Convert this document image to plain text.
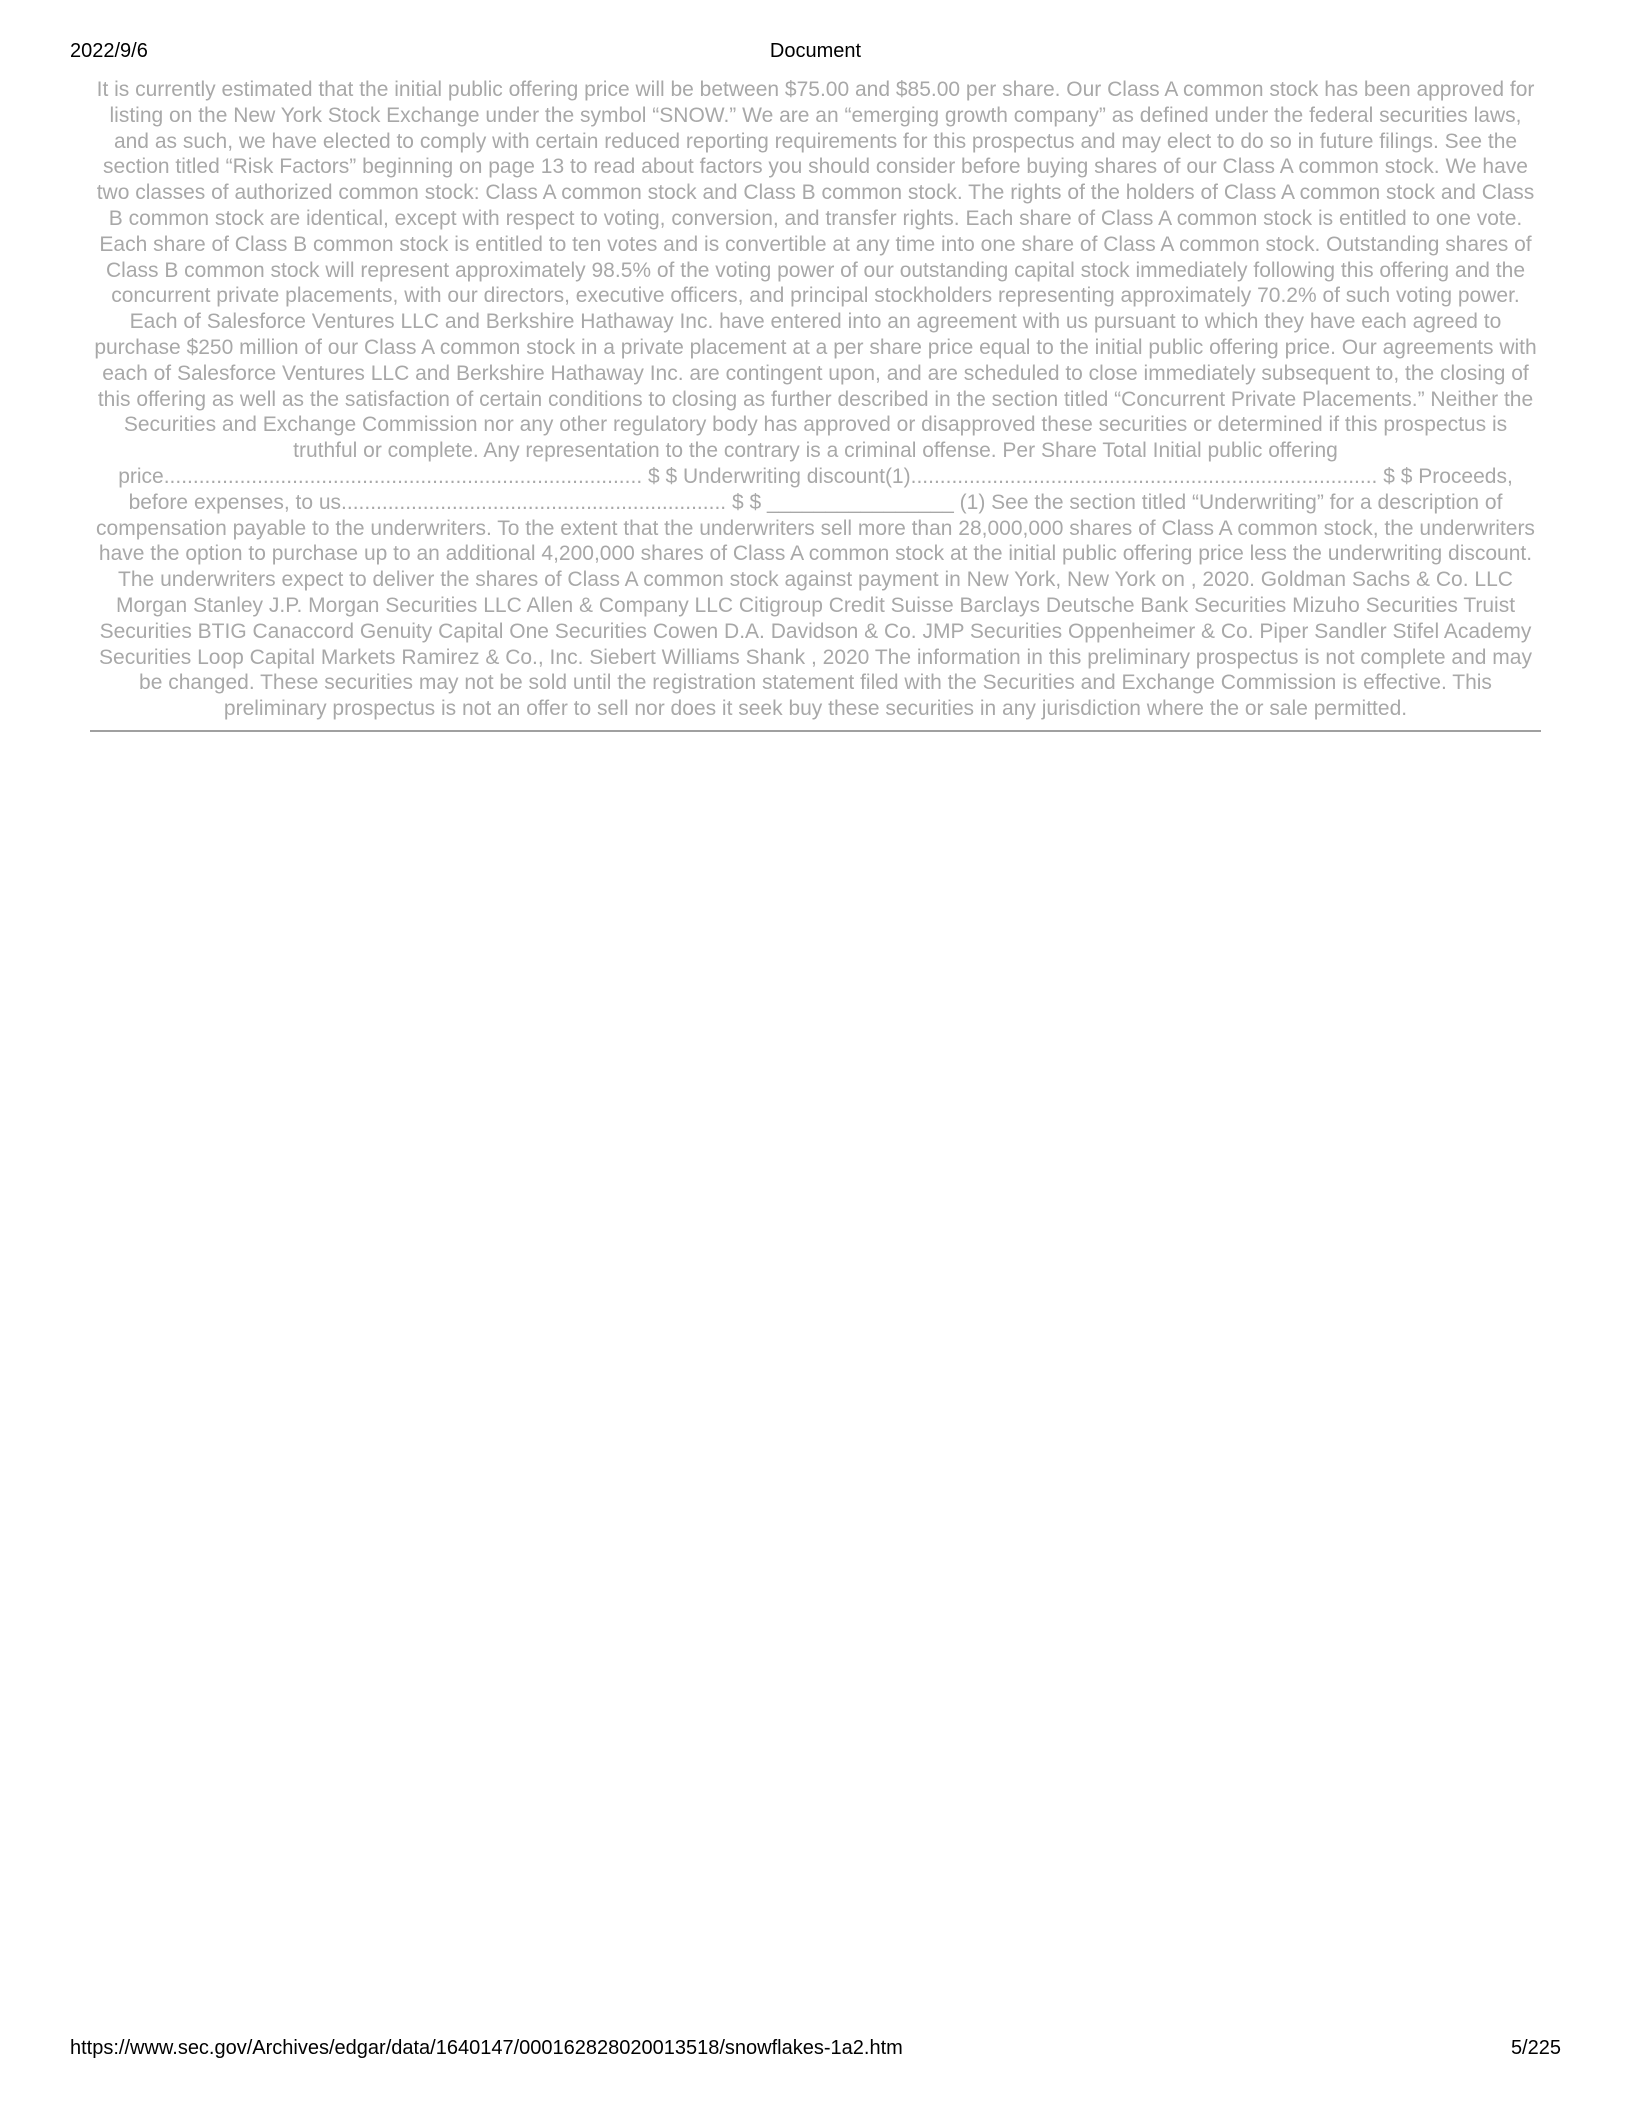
2022/9/6	Document

It is currently estimated that the initial public offering price will be between $75.00 and $85.00 per share. Our Class A common stock has been approved for listing on the New York Stock Exchange under the symbol “SNOW.” We are an “emerging growth company” as defined under the federal securities laws, and as such, we have elected to comply with certain reduced reporting requirements for this prospectus and may elect to do so in future filings. See the section titled “Risk Factors” beginning on page 13 to read about factors you should consider before buying shares of our Class A common stock. We have two classes of authorized common stock: Class A common stock and Class B common stock. The rights of the holders of Class A common stock and Class B common stock are identical, except with respect to voting, conversion, and transfer rights. Each share of Class A common stock is entitled to one vote. Each share of Class B common stock is entitled to ten votes and is convertible at any time into one share of Class A common stock. Outstanding shares of Class B common stock will represent approximately 98.5% of the voting power of our outstanding capital stock immediately following this offering and the concurrent private placements, with our directors, executive officers, and principal stockholders representing approximately 70.2% of such voting power. Each of Salesforce Ventures LLC and Berkshire Hathaway Inc. have entered into an agreement with us pursuant to which they have each agreed to purchase $250 million of our Class A common stock in a private placement at a per share price equal to the initial public offering price. Our agreements with each of Salesforce Ventures LLC and Berkshire Hathaway Inc. are contingent upon, and are scheduled to close immediately subsequent to, the closing of this offering as well as the satisfaction of certain conditions to closing as further described in the section titled “Concurrent Private Placements.” Neither the Securities and Exchange Commission nor any other regulatory body has approved or disapproved these securities or determined if this prospectus is truthful or complete. Any representation to the contrary is a criminal offense. Per Share Total Initial public offering price.................................................................................. $ $ Underwriting discount(1)................................................................................ $ $ Proceeds, before expenses, to us.................................................................. $ $ ________________ (1) See the section titled “Underwriting” for a description of compensation payable to the underwriters. To the extent that the underwriters sell more than 28,000,000 shares of Class A common stock, the underwriters have the option to purchase up to an additional 4,200,000 shares of Class A common stock at the initial public offering price less the underwriting discount. The underwriters expect to deliver the shares of Class A common stock against payment in New York, New York on , 2020. Goldman Sachs & Co. LLC Morgan Stanley J.P. Morgan Securities LLC Allen & Company LLC Citigroup Credit Suisse Barclays Deutsche Bank Securities Mizuho Securities Truist Securities BTIG Canaccord Genuity Capital One Securities Cowen D.A. Davidson & Co. JMP Securities Oppenheimer & Co. Piper Sandler Stifel Academy Securities Loop Capital Markets Ramirez & Co., Inc. Siebert Williams Shank , 2020 The information in this preliminary prospectus is not complete and may be changed. These securities may not be sold until the registration statement filed with the Securities and Exchange Commission is effective. This preliminary prospectus is not an offer to sell nor does it seek buy these securities in any jurisdiction where the or sale permitted.

https://www.sec.gov/Archives/edgar/data/1640147/000162828020013518/snowflakes-1a2.htm	5/225
